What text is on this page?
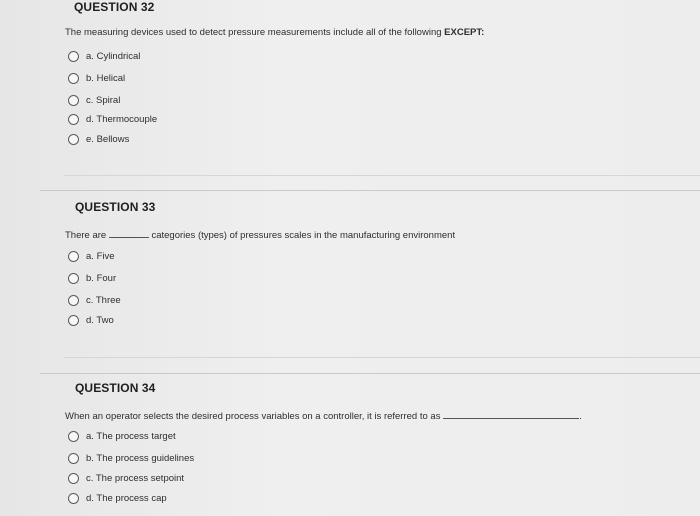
QUESTION 32
The measuring devices used to detect pressure measurements include all of the following EXCEPT:
a. Cylindrical
b. Helical
c. Spiral
d. Thermocouple
e. Bellows
QUESTION 33
There are	categories (types) of pressures scales in the manufacturing environment
a. Five
b. Four
c. Three
d. Two
QUESTION 34
When an operator selects the desired process variables on a controller, it is referred to as	.
a. The process target
b. The process guidelines
c. The process setpoint
d. The process cap
